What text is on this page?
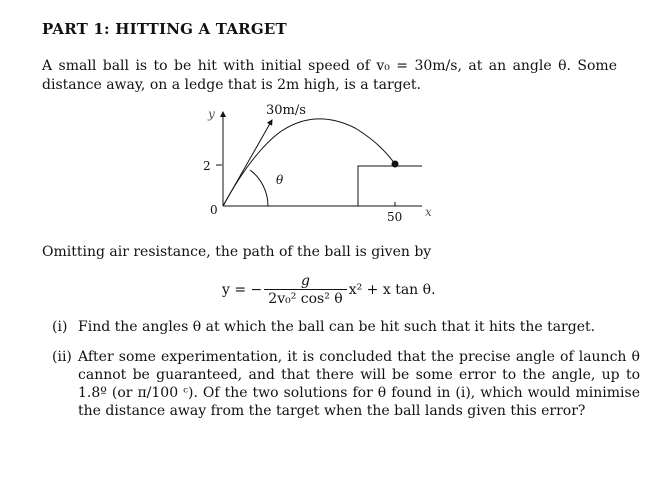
PART 1: HITTING A TARGET
A small ball is to be hit with initial speed of v₀ = 30m/s, at an angle θ. Some distance away, on a ledge that is 2m high, is a target.
y	30m/s
2
θ
0	50 x
Omitting air resistance, the path of the ball is given by
y = − $\frac{g}{\text{2v₀² cos² θ}} x^2 + x$ tan θ.
(i) Find the angles θ at which the ball can be hit such that it hits the target.
(ii) After some experimentation, it is concluded that the precise angle of launch θ cannot be guaranteed, and that there will be some error to the angle, up to 1.8º (or π/100 ᶜ). Of the two solutions for θ found in (i), which would minimise the distance away from the target when the ball lands given this error?
